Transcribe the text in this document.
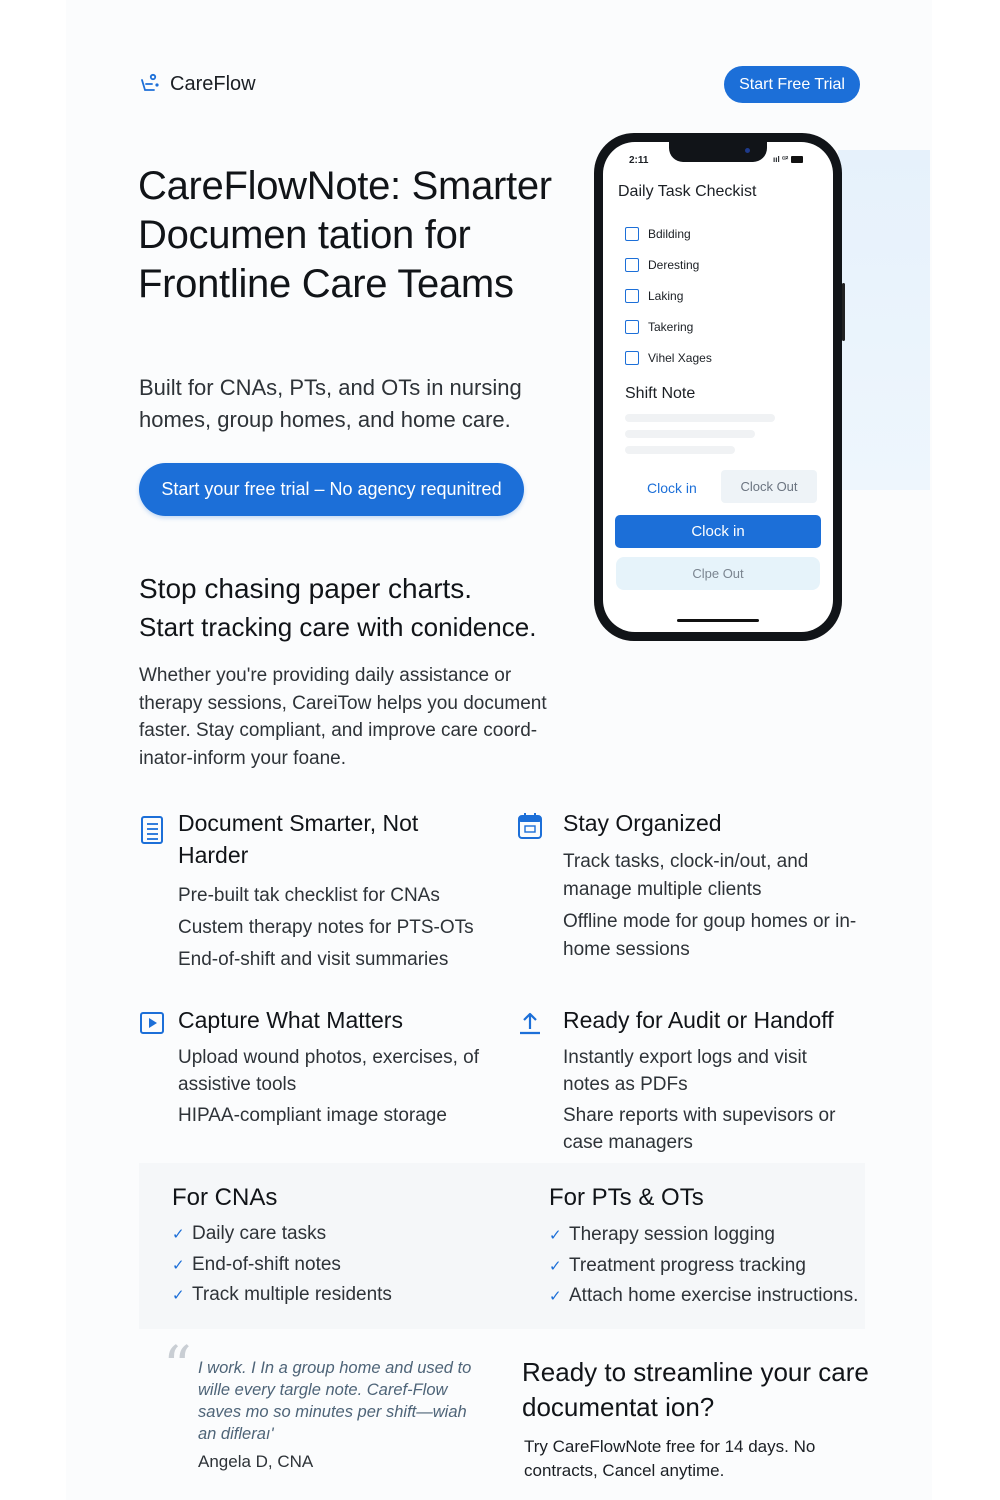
CareFlow	Start Free Trial
CareFlowNote: Smarter Documen tation for Frontline Care Teams

Built for CNAs, PTs, and OTs in nursing homes, group homes, and home care.

Start your free trial – No agency requnitred
Stop chasing paper charts.
Start tracking care with conidence.

Whether you're providing daily assistance or therapy sessions, CareiTow helps you document faster. Stay compliant, and improve care coord-inator-inform your foane.

2:11	ııl ⁽ᴵ²
Daily Task Checkist
Bdilding
Deresting
Laking
Takering
Vihel Xages
Shift Note
Clock in	Clock Out
Clock in
Clpe Out
Document Smarter, Not Harder
Pre-built tak checklist for CNAs
Custem therapy notes for PTS-OTs
End-of-shift and visit summaries
Stay Organized
Track tasks, clock-in/out, and manage multiple clients
Offline mode for goup homes or in-home sessions
Capture What Matters
Upload wound photos, exercises, of assistive tools
HIPAA-compliant image storage
Ready for Audit or Handoff
Instantly export logs and visit notes as PDFs
Share reports with supevisors or case managers
For CNAs
✓ Daily care tasks
✓ End-of-shift notes
✓ Track multiple residents
For PTs & OTs
✓ Therapy session logging
✓ Treatment progress tracking
✓ Attach home exercise instructions.
“ I work. I In a group home and used to wille every targle note. Caref-Flow saves mo so minutes per shift—wiah an difleraı'

Angela D, CNA
Ready to streamline your care documentat ion?

Try CareFlowNote free for 14 days. No contracts, Cancel anytime.
